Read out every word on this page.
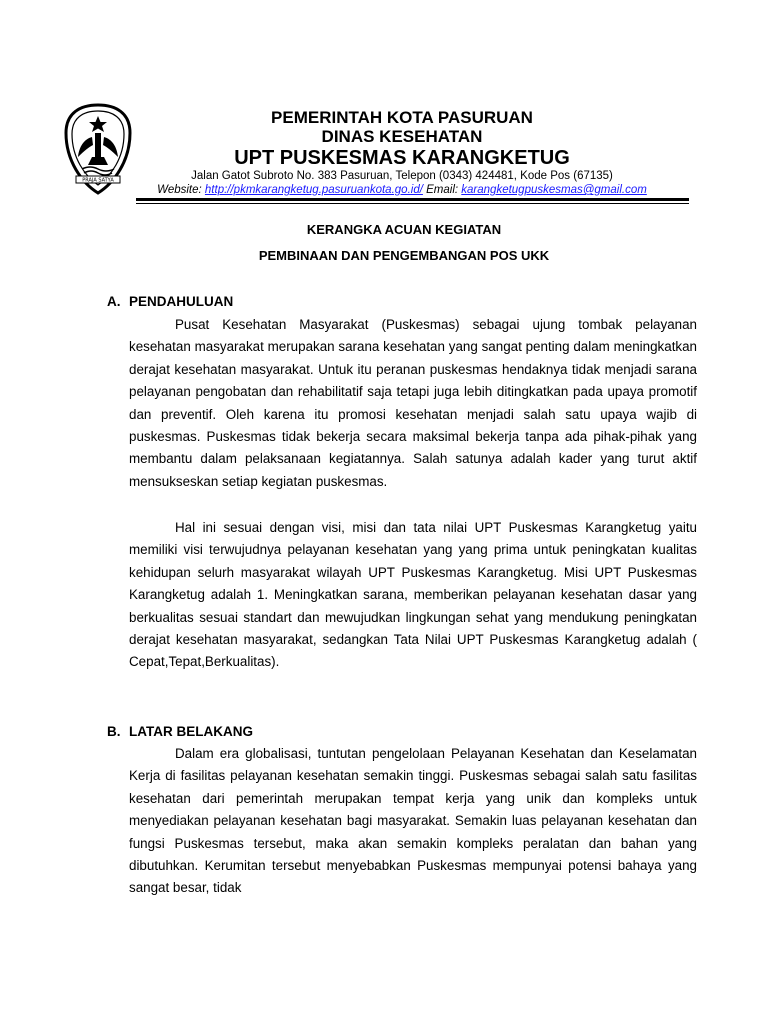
PRAJA SATYA
PEMERINTAH KOTA PASURUAN
DINAS KESEHATAN
UPT PUSKESMAS KARANGKETUG
Jalan Gatot Subroto No. 383 Pasuruan, Telepon (0343) 424481, Kode Pos (67135)
Website: http://pkmkarangketug.pasuruankota.go.id/ Email: karangketugpuskesmas@gmail.com
KERANGKA ACUAN KEGIATAN
PEMBINAAN DAN PENGEMBANGAN POS UKK
A. PENDAHULUAN
Pusat Kesehatan Masyarakat (Puskesmas) sebagai ujung tombak pelayanan kesehatan masyarakat merupakan sarana kesehatan yang sangat penting dalam meningkatkan derajat kesehatan masyarakat. Untuk itu peranan puskesmas hendaknya tidak menjadi sarana pelayanan pengobatan dan rehabilitatif saja tetapi juga lebih ditingkatkan pada upaya promotif dan preventif. Oleh karena itu promosi kesehatan menjadi salah satu upaya wajib di puskesmas. Puskesmas tidak bekerja secara maksimal bekerja tanpa ada pihak-pihak yang membantu dalam pelaksanaan kegiatannya. Salah satunya adalah kader yang turut aktif mensukseskan setiap kegiatan puskesmas.
Hal ini sesuai dengan visi, misi dan tata nilai UPT Puskesmas Karangketug yaitu memiliki visi terwujudnya pelayanan kesehatan yang yang prima untuk peningkatan kualitas kehidupan selurh masyarakat wilayah UPT Puskesmas Karangketug. Misi UPT Puskesmas Karangketug adalah 1. Meningkatkan sarana, memberikan pelayanan kesehatan dasar yang berkualitas sesuai standart dan mewujudkan lingkungan sehat yang mendukung peningkatan derajat kesehatan masyarakat, sedangkan Tata Nilai UPT Puskesmas Karangketug adalah ( Cepat,Tepat,Berkualitas).
B. LATAR BELAKANG
Dalam era globalisasi, tuntutan pengelolaan Pelayanan Kesehatan dan Keselamatan Kerja di fasilitas pelayanan kesehatan semakin tinggi. Puskesmas sebagai salah satu fasilitas kesehatan dari pemerintah merupakan tempat kerja yang unik dan kompleks untuk menyediakan pelayanan kesehatan bagi masyarakat. Semakin luas pelayanan kesehatan dan fungsi Puskesmas tersebut, maka akan semakin kompleks peralatan dan bahan yang dibutuhkan. Kerumitan tersebut menyebabkan Puskesmas mempunyai potensi bahaya yang sangat besar, tidak
